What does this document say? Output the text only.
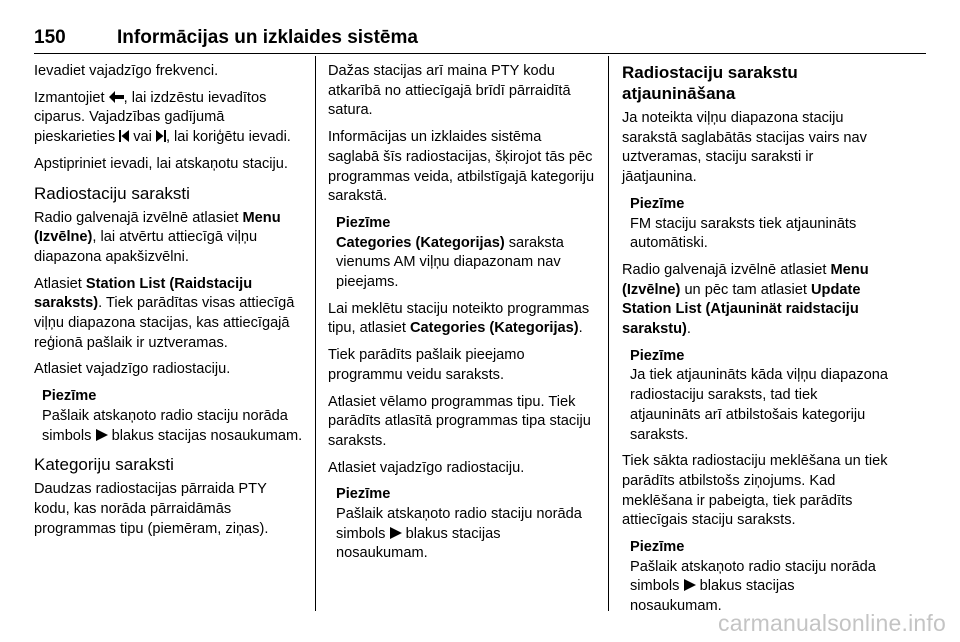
150	Informācijas un izklaides sistēma

Ievadiet vajadzīgo frekvenci.

Izmantojiet , lai izdzēstu ievadītos ciparus. Vajadzības gadījumā pieskarieties  vai , lai koriģētu ievadi.

Apstipriniet ievadi, lai atskaņotu staciju.

Radiostaciju saraksti

Radio galvenajā izvēlnē atlasiet Menu (Izvēlne), lai atvērtu attiecīgā viļņu diapazona apakšizvēlni.

Atlasiet Station List (Raidstaciju saraksts). Tiek parādītas visas attiecīgā viļņu diapazona stacijas, kas attiecīgajā reģionā pašlaik ir uztveramas.

Atlasiet vajadzīgo radiostaciju.

Piezīme
Pašlaik atskaņoto radio staciju norāda simbols  blakus stacijas nosaukumam.
Kategoriju saraksti

Daudzas radiostacijas pārraida PTY kodu, kas norāda pārraidāmās programmas tipu (piemēram, ziņas).

Dažas stacijas arī maina PTY kodu atkarībā no attiecīgajā brīdī pārraidītā satura.

Informācijas un izklaides sistēma saglabā šīs radiostacijas, šķirojot tās pēc programmas veida, atbilstīgajā kategoriju sarakstā.

Piezīme
Categories (Kategorijas) saraksta vienums AM viļņu diapazonam nav pieejams.

Lai meklētu staciju noteikto programmas tipu, atlasiet Categories (Kategorijas).

Tiek parādīts pašlaik pieejamo programmu veidu saraksts.

Atlasiet vēlamo programmas tipu. Tiek parādīts atlasītā programmas tipa staciju saraksts.

Atlasiet vajadzīgo radiostaciju.

Piezīme
Pašlaik atskaņoto radio staciju norāda simbols  blakus stacijas nosaukumam.
Radiostaciju sarakstu atjaunināšana

Ja noteikta viļņu diapazona staciju sarakstā saglabātās stacijas vairs nav uztveramas, staciju saraksti ir jāatjaunina.

Piezīme
FM staciju saraksts tiek atjaunināts automātiski.

Radio galvenajā izvēlnē atlasiet Menu (Izvēlne) un pēc tam atlasiet Update Station List (Atjauninät raidstaciju sarakstu).

Piezīme
Ja tiek atjaunināts kāda viļņu diapazona radiostaciju saraksts, tad tiek atjaunināts arī atbilstošais kategoriju saraksts.

Tiek sākta radiostaciju meklēšana un tiek parādīts atbilstošs ziņojums. Kad meklēšana ir pabeigta, tiek parādīts attiecīgais staciju saraksts.

Piezīme
Pašlaik atskaņoto radio staciju norāda simbols  blakus stacijas nosaukumam.
carmanualsonline.info
